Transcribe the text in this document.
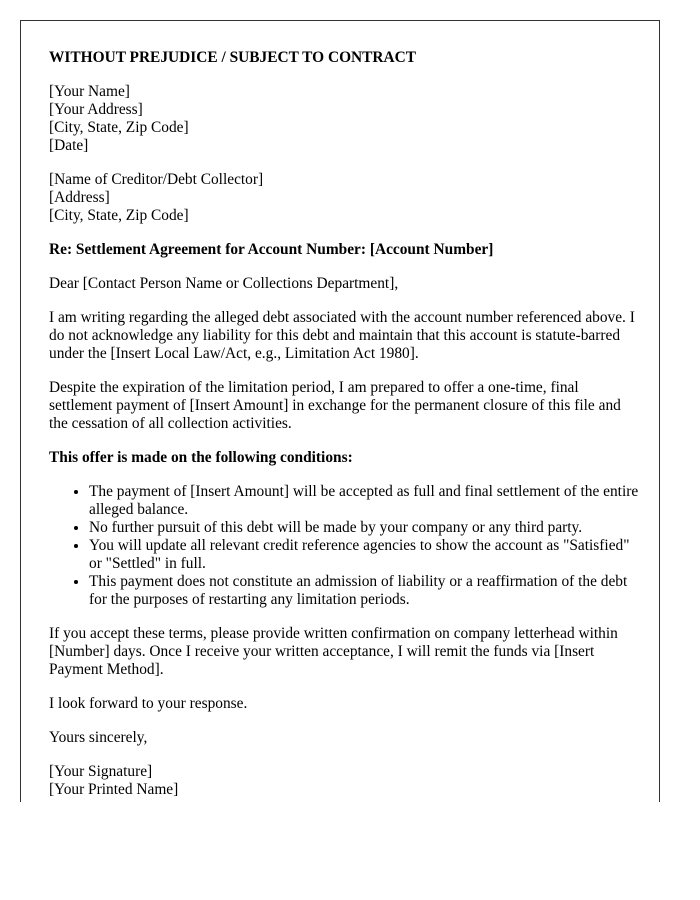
WITHOUT PREJUDICE / SUBJECT TO CONTRACT

[Your Name]
[Your Address]
[City, State, Zip Code]
[Date]
[Name of Creditor/Debt Collector]
[Address]
[City, State, Zip Code]

Re: Settlement Agreement for Account Number: [Account Number]

Dear [Contact Person Name or Collections Department],

I am writing regarding the alleged debt associated with the account number referenced above. I do not acknowledge any liability for this debt and maintain that this account is statute-barred under the [Insert Local Law/Act, e.g., Limitation Act 1980].

Despite the expiration of the limitation period, I am prepared to offer a one-time, final settlement payment of [Insert Amount] in exchange for the permanent closure of this file and the cessation of all collection activities.

This offer is made on the following conditions:

• The payment of [Insert Amount] will be accepted as full and final settlement of the entire alleged balance.
• No further pursuit of this debt will be made by your company or any third party.
• You will update all relevant credit reference agencies to show the account as "Satisfied" or "Settled" in full.
• This payment does not constitute an admission of liability or a reaffirmation of the debt for the purposes of restarting any limitation periods.

If you accept these terms, please provide written confirmation on company letterhead within [Number] days. Once I receive your written acceptance, I will remit the funds via [Insert Payment Method].

I look forward to your response.

Yours sincerely,

[Your Signature]
[Your Printed Name]
